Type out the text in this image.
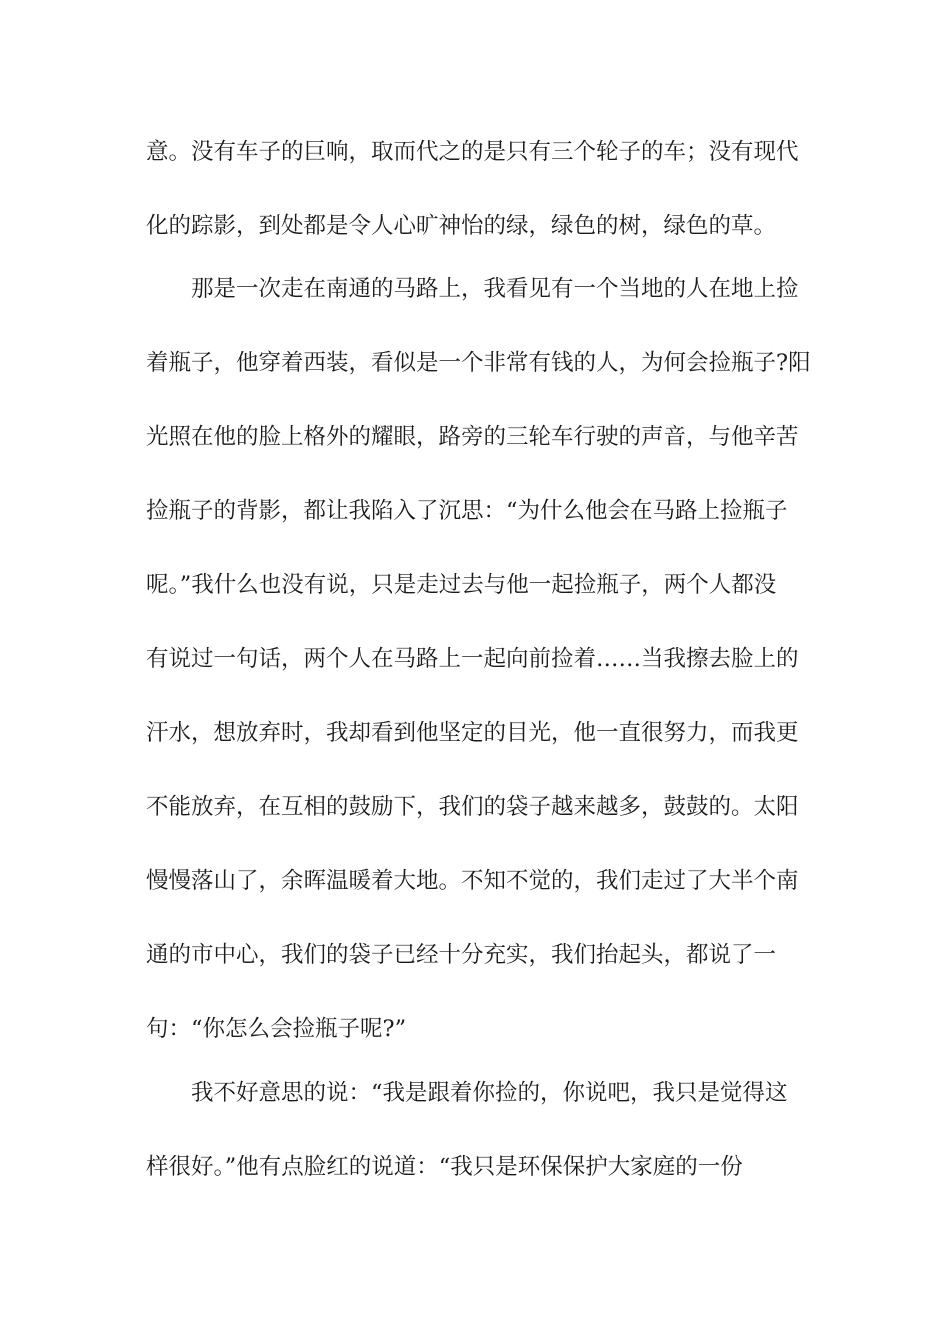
意。没有车子的巨响，取而代之的是只有三个轮子的车；没有现代
化的踪影，到处都是令人心旷神怡的绿，绿色的树，绿色的草。
那是一次走在南通的马路上，我看见有一个当地的人在地上捡
着瓶子，他穿着西装，看似是一个非常有钱的人，为何会捡瓶子?阳
光照在他的脸上格外的耀眼，路旁的三轮车行驶的声音，与他辛苦
捡瓶子的背影，都让我陷入了沉思：“为什么他会在马路上捡瓶子
呢。”我什么也没有说，只是走过去与他一起捡瓶子，两个人都没
有说过一句话，两个人在马路上一起向前捡着……当我擦去脸上的
汗水，想放弃时，我却看到他坚定的目光，他一直很努力，而我更
不能放弃，在互相的鼓励下，我们的袋子越来越多，鼓鼓的。太阳
慢慢落山了，余晖温暖着大地。不知不觉的，我们走过了大半个南
通的市中心，我们的袋子已经十分充实，我们抬起头，都说了一
句：“你怎么会捡瓶子呢?”
我不好意思的说：“我是跟着你捡的，你说吧，我只是觉得这
样很好。”他有点脸红的说道：“我只是环保保护大家庭的一份
